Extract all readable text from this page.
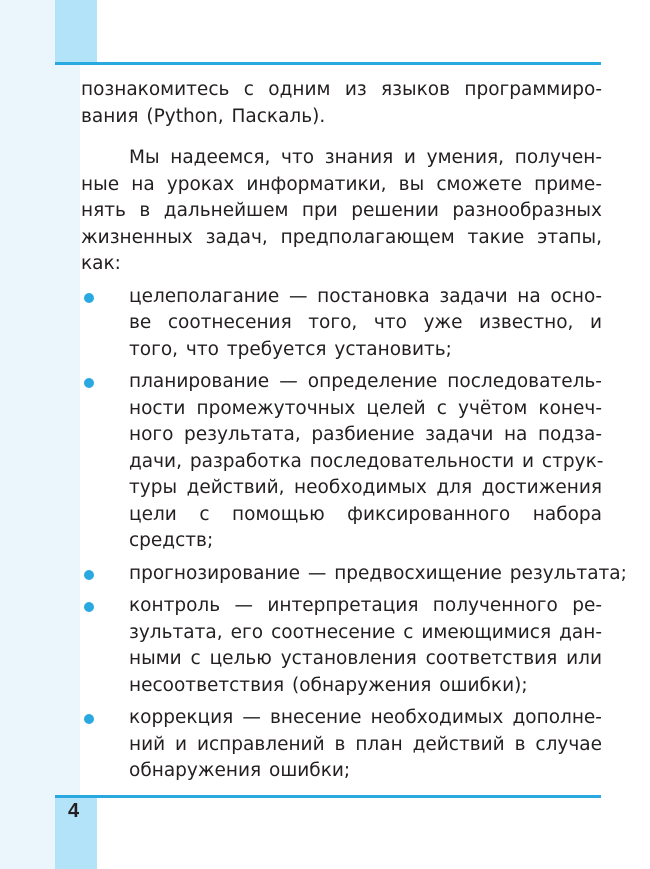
4
познакомитесь с одним из языков программиро-
вания (Python, Паскаль).
Мы надеемся, что знания и умения, получен-
ные на уроках информатики, вы сможете приме-
нять в дальнейшем при решении разнообразных
жизненных задач, предполагающем такие этапы,
как:
целеполагание — постановка задачи на осно-
ве соотнесения того, что уже известно, и
того, что требуется установить;
планирование — определение последователь-
ности промежуточных целей с учётом конеч-
ного результата, разбиение задачи на подза-
дачи, разработка последовательности и струк-
туры действий, необходимых для достижения
цели с помощью фиксированного набора
средств;
прогнозирование — предвосхищение результата;
контроль — интерпретация полученного ре-
зультата, его соотнесение с имеющимися дан-
ными с целью установления соответствия или
несоответствия (обнаружения ошибки);
коррекция — внесение необходимых дополне-
ний и исправлений в план действий в случае
обнаружения ошибки;
